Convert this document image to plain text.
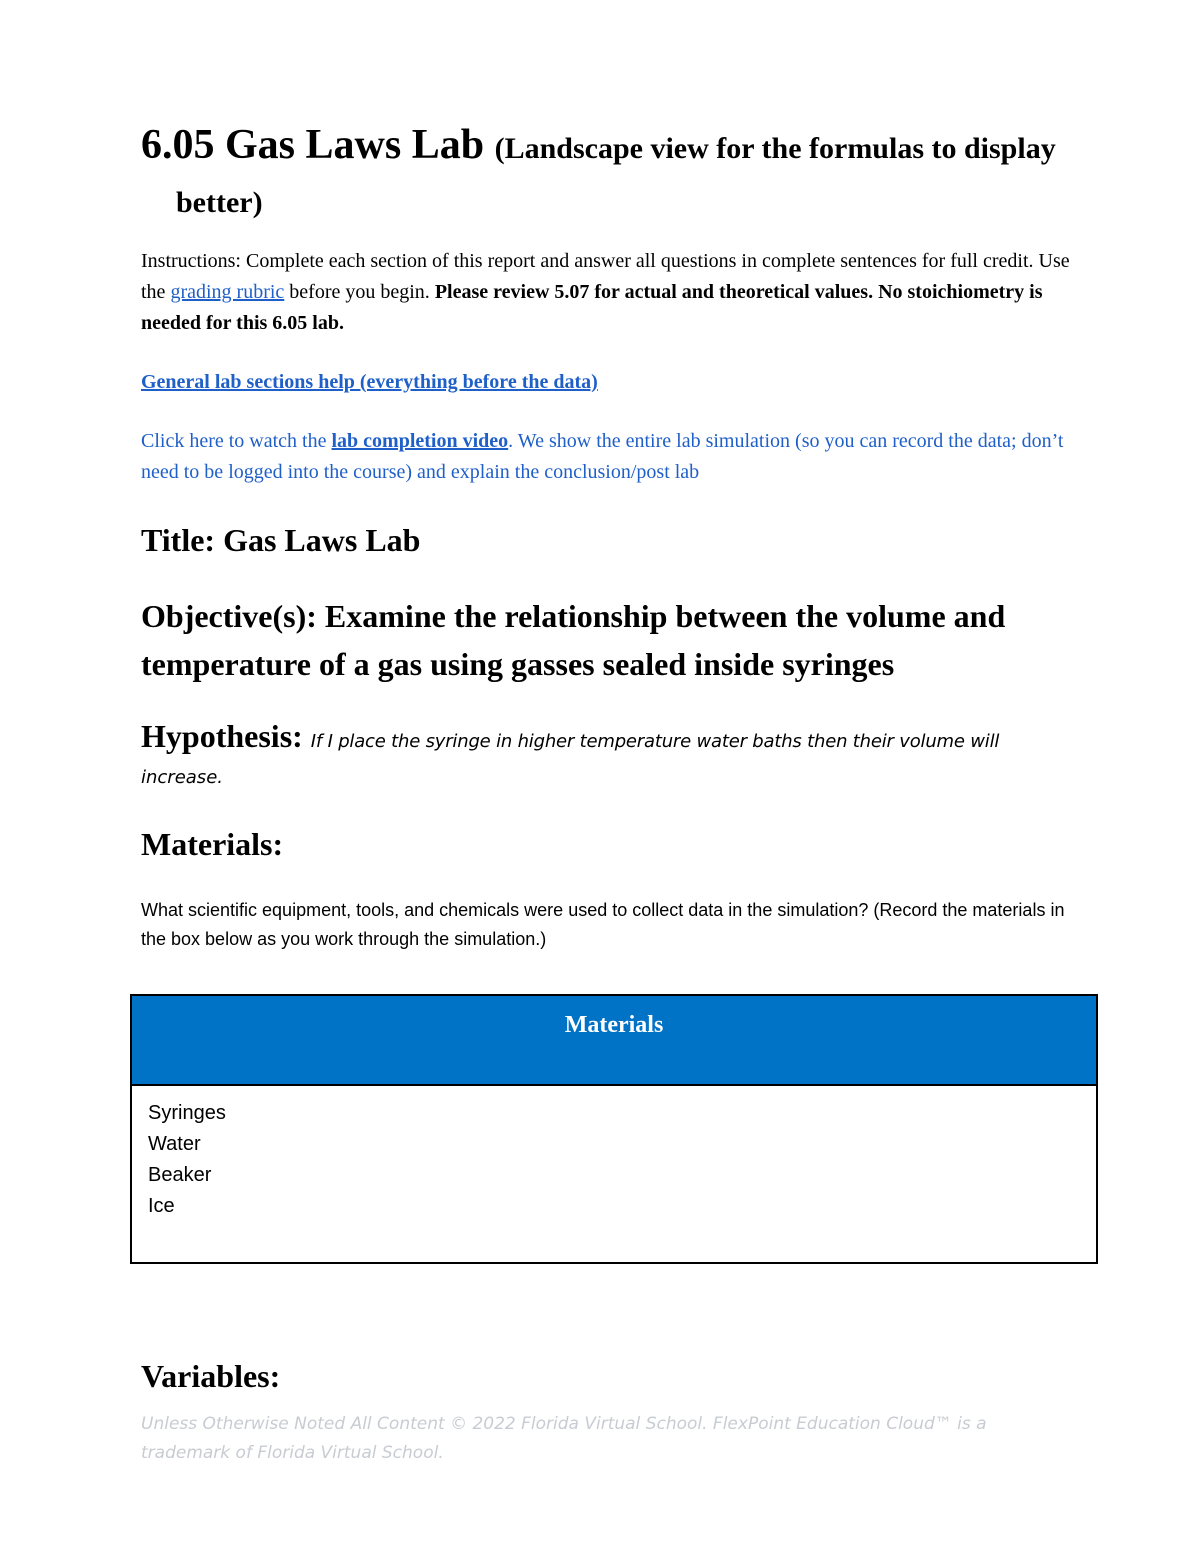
6.05 Gas Laws Lab (Landscape view for the formulas to display better)

Instructions: Complete each section of this report and answer all questions in complete sentences for full credit. Use the grading rubric before you begin. Please review 5.07 for actual and theoretical values. No stoichiometry is needed for this 6.05 lab.

General lab sections help (everything before the data)

Click here to watch the lab completion video. We show the entire lab simulation (so you can record the data; don’t need to be logged into the course) and explain the conclusion/post lab

Title: Gas Laws Lab
Objective(s): Examine the relationship between the volume and temperature of a gas using gasses sealed inside syringes
Hypothesis: If I place the syringe in higher temperature water baths then their volume will

increase.

Materials:

What scientific equipment, tools, and chemicals were used to collect data in the simulation? (Record the materials in the box below as you work through the simulation.)

Materials
Syringes
Water
Beaker
Ice
Variables:
Unless Otherwise Noted All Content © 2022 Florida Virtual School. FlexPoint Education Cloud™ is a trademark of Florida Virtual School.
